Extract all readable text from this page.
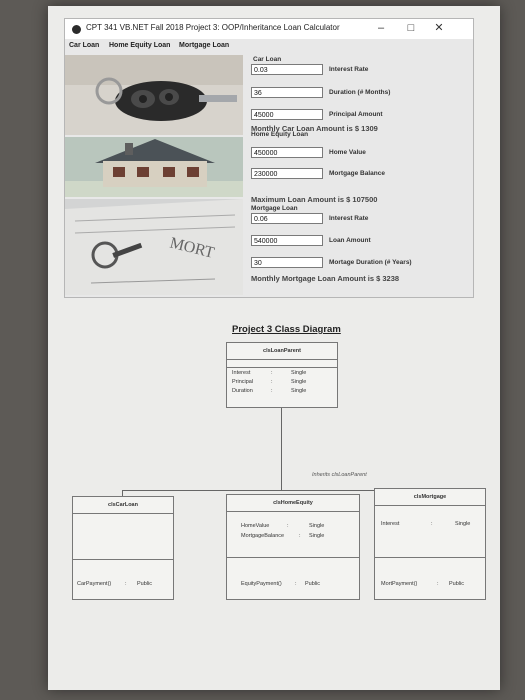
CPT 341 VB.NET Fall 2018 Project 3: OOP/Inheritance Loan Calculator	–	□	✕
Car Loan Home Equity Loan Mortgage Loan
MORT
Car Loan
0.03	Interest Rate
36	Duration (# Months)
45000	Principal Amount
Monthly Car Loan Amount is $ 1309
Home Equity Loan
450000	Home Value
230000	Mortgage Balance
Maximum Loan Amount is $ 107500
Mortgage Loan
0.06	Interest Rate
540000	Loan Amount
30	Mortage Duration (# Years)
Monthly Mortgage Loan Amount is $ 3238
Project 3 Class Diagram
clsLoanParent
Interest	:	Single
Principal	:	Single
Duration	:	Single
Inherits clsLoanParent
clsCarLoan
CarPayment()	: Public
clsHomeEquity
HomeValue	:	Single
MortgageBalance	: Single
EquityPayment() : Public
clsMortgage
Interest	:	Single
MortPayment()	: Public
